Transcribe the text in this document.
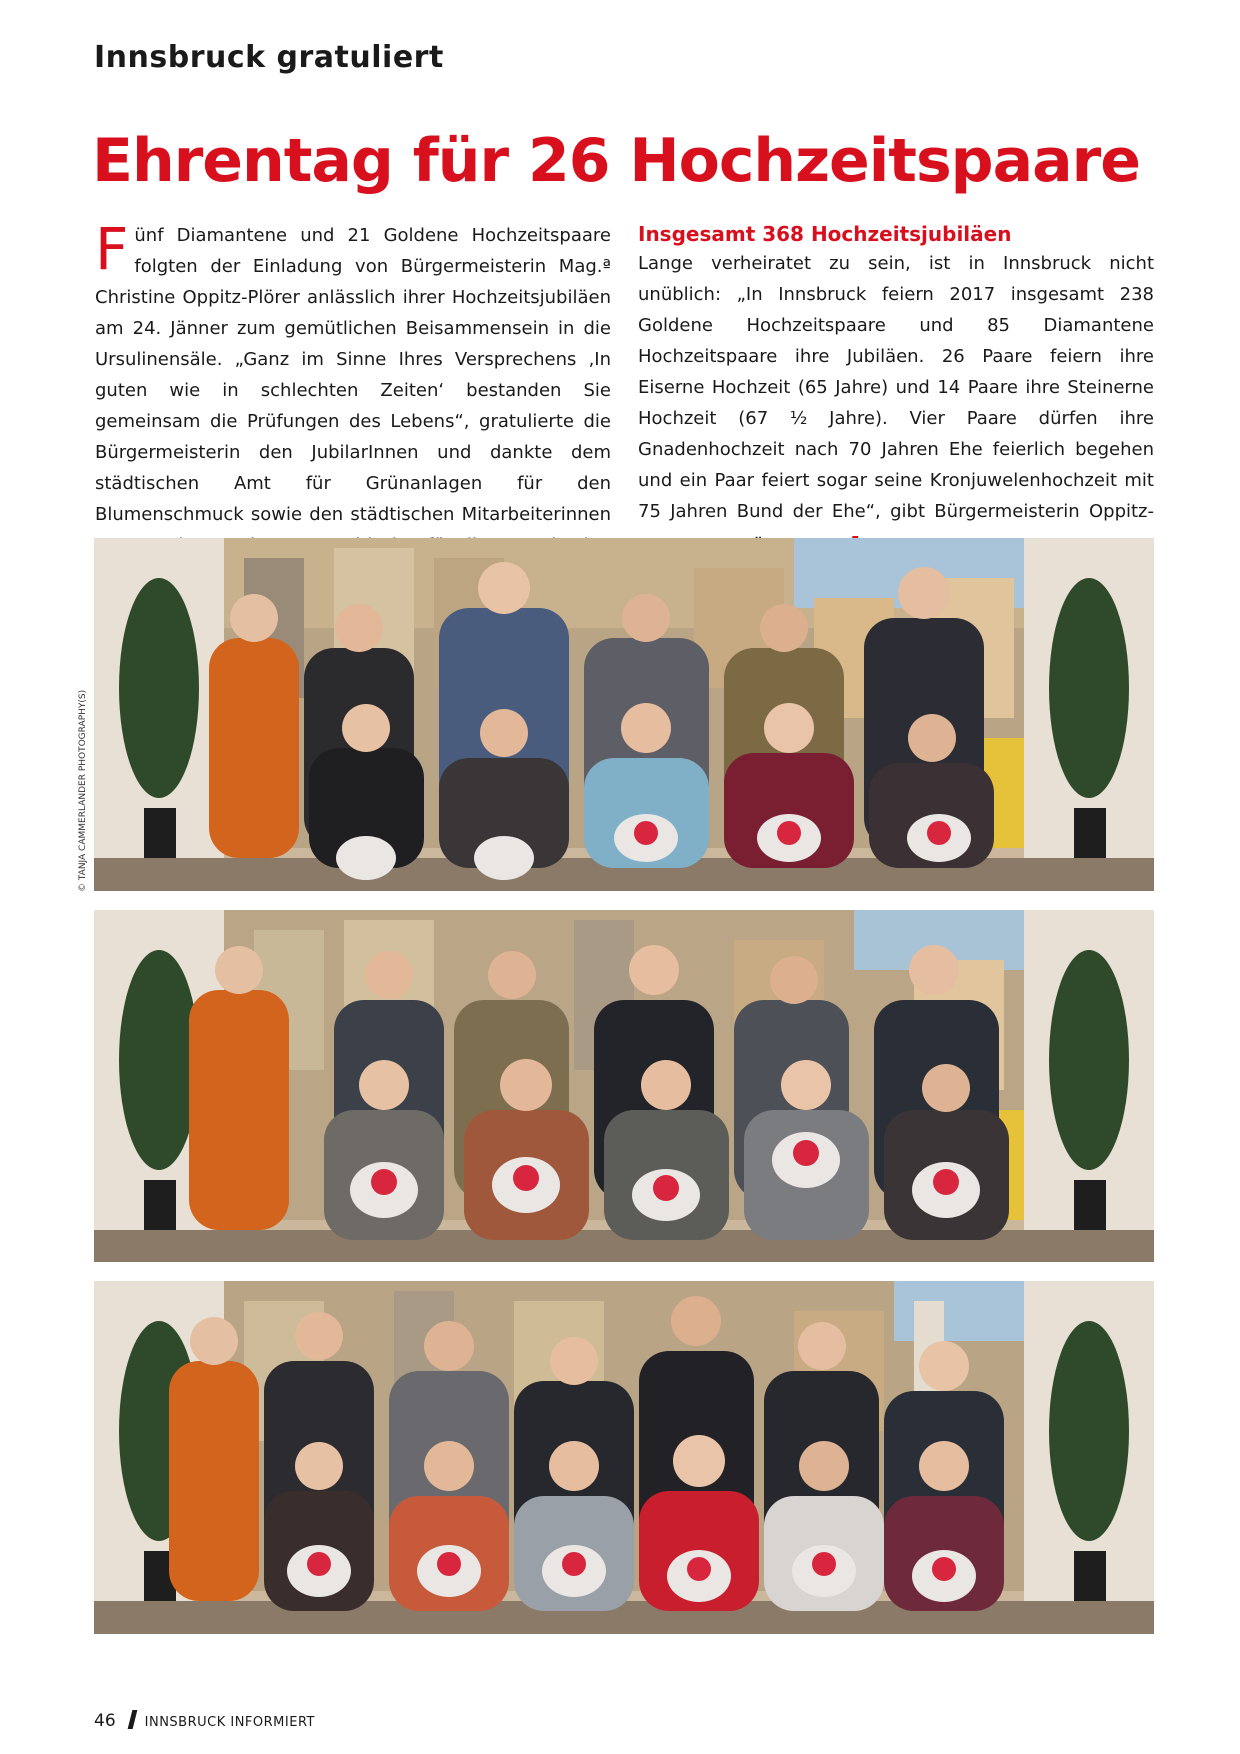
Innsbruck gratuliert
Ehrentag für 26 Hochzeitspaare
Fünf Diamantene und 21 Goldene Hochzeitspaare folgten der Einladung von Bürgermeisterin Mag.ª Christine Oppitz-Plörer anlässlich ihrer Hochzeitsjubiläen am 24. Jänner zum gemütlichen Beisammensein in die Ursulinensäle. „Ganz im Sinne Ihres Versprechens ‚In guten wie in schlechten Zeiten‘ bestanden Sie gemeinsam die Prüfungen des Lebens“, gratulierte die Bürgermeisterin den JubilarInnen und dankte dem städtischen Amt für Grünanlagen für den Blumenschmuck sowie den städtischen Mitarbeiterinnen
Insgesamt 368 Hochzeitsjubiläen
Lange verheiratet zu sein, ist in Innsbruck nicht unüblich: „In Innsbruck feiern 2017 insgesamt 238 Goldene Hochzeitspaare und 85 Diamantene Hochzeitspaare ihre Jubiläen. 26 Paare feiern ihre Eiserne Hochzeit (65 Jahre) und 14 Paare ihre Steinerne Hochzeit (67 ½ Jahre). Vier Paare dürfen ihre Gnadenhochzeit nach 70 Jahren Ehe feierlich begehen und ein Paar feiert sogar seine Kronjuwelenhochzeit mit 75 Jahren Bund der Ehe“, gibt Bürgermeisterin Oppitz-
© TANJA CAMMERLANDER PHOTOGRAPHY(S)
46 INNSBRUCK INFORMIERT
